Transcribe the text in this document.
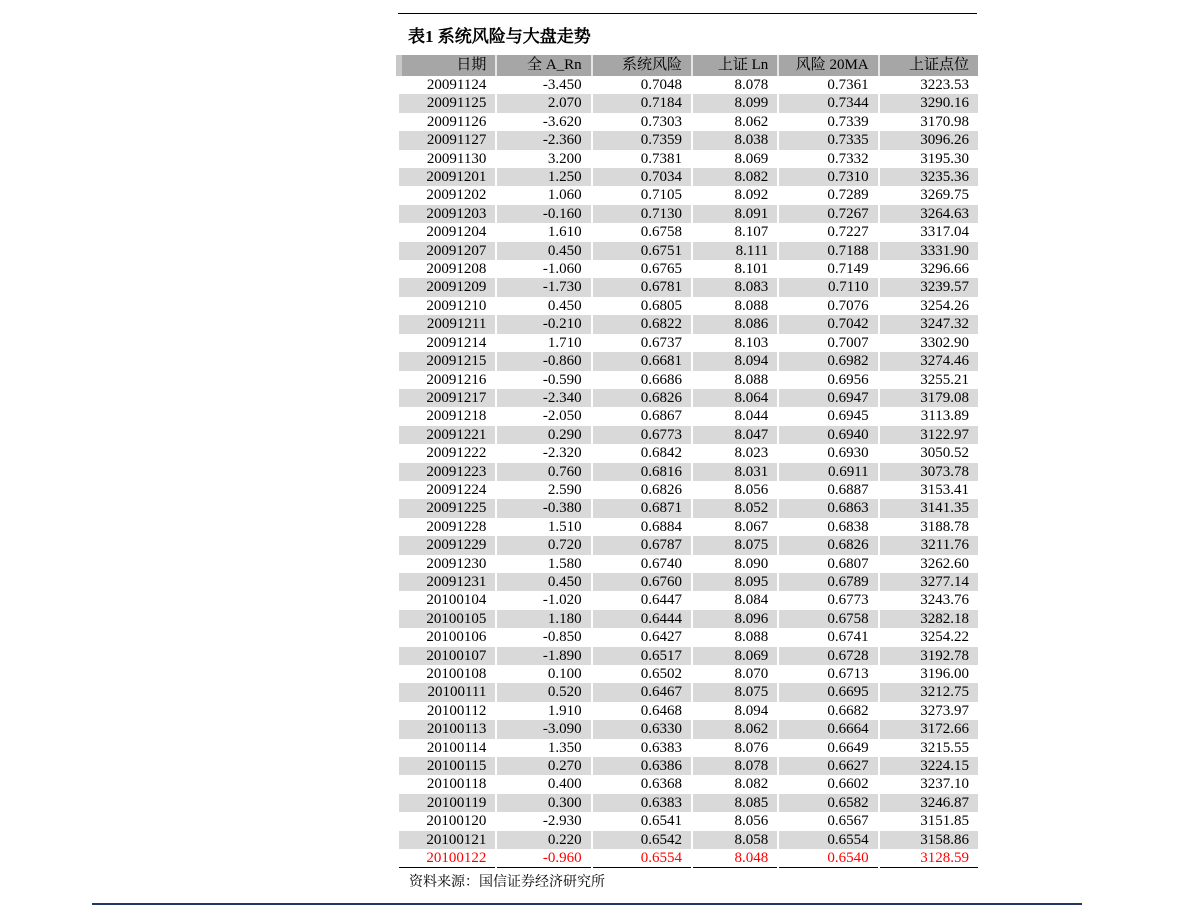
表1 系统风险与大盘走势
日期	全 A_Rn	系统风险	上证 Ln	风险 20MA	上证点位
20091124	-3.450	0.7048	8.078	0.7361	3223.53
20091125	2.070	0.7184	8.099	0.7344	3290.16
20091126	-3.620	0.7303	8.062	0.7339	3170.98
20091127	-2.360	0.7359	8.038	0.7335	3096.26
20091130	3.200	0.7381	8.069	0.7332	3195.30
20091201	1.250	0.7034	8.082	0.7310	3235.36
20091202	1.060	0.7105	8.092	0.7289	3269.75
20091203	-0.160	0.7130	8.091	0.7267	3264.63
20091204	1.610	0.6758	8.107	0.7227	3317.04
20091207	0.450	0.6751	8.111	0.7188	3331.90
20091208	-1.060	0.6765	8.101	0.7149	3296.66
20091209	-1.730	0.6781	8.083	0.7110	3239.57
20091210	0.450	0.6805	8.088	0.7076	3254.26
20091211	-0.210	0.6822	8.086	0.7042	3247.32
20091214	1.710	0.6737	8.103	0.7007	3302.90
20091215	-0.860	0.6681	8.094	0.6982	3274.46
20091216	-0.590	0.6686	8.088	0.6956	3255.21
20091217	-2.340	0.6826	8.064	0.6947	3179.08
20091218	-2.050	0.6867	8.044	0.6945	3113.89
20091221	0.290	0.6773	8.047	0.6940	3122.97
20091222	-2.320	0.6842	8.023	0.6930	3050.52
20091223	0.760	0.6816	8.031	0.6911	3073.78
20091224	2.590	0.6826	8.056	0.6887	3153.41
20091225	-0.380	0.6871	8.052	0.6863	3141.35
20091228	1.510	0.6884	8.067	0.6838	3188.78
20091229	0.720	0.6787	8.075	0.6826	3211.76
20091230	1.580	0.6740	8.090	0.6807	3262.60
20091231	0.450	0.6760	8.095	0.6789	3277.14
20100104	-1.020	0.6447	8.084	0.6773	3243.76
20100105	1.180	0.6444	8.096	0.6758	3282.18
20100106	-0.850	0.6427	8.088	0.6741	3254.22
20100107	-1.890	0.6517	8.069	0.6728	3192.78
20100108	0.100	0.6502	8.070	0.6713	3196.00
20100111	0.520	0.6467	8.075	0.6695	3212.75
20100112	1.910	0.6468	8.094	0.6682	3273.97
20100113	-3.090	0.6330	8.062	0.6664	3172.66
20100114	1.350	0.6383	8.076	0.6649	3215.55
20100115	0.270	0.6386	8.078	0.6627	3224.15
20100118	0.400	0.6368	8.082	0.6602	3237.10
20100119	0.300	0.6383	8.085	0.6582	3246.87
20100120	-2.930	0.6541	8.056	0.6567	3151.85
20100121	0.220	0.6542	8.058	0.6554	3158.86
20100122	-0.960	0.6554	8.048	0.6540	3128.59
资料来源：国信证券经济研究所
